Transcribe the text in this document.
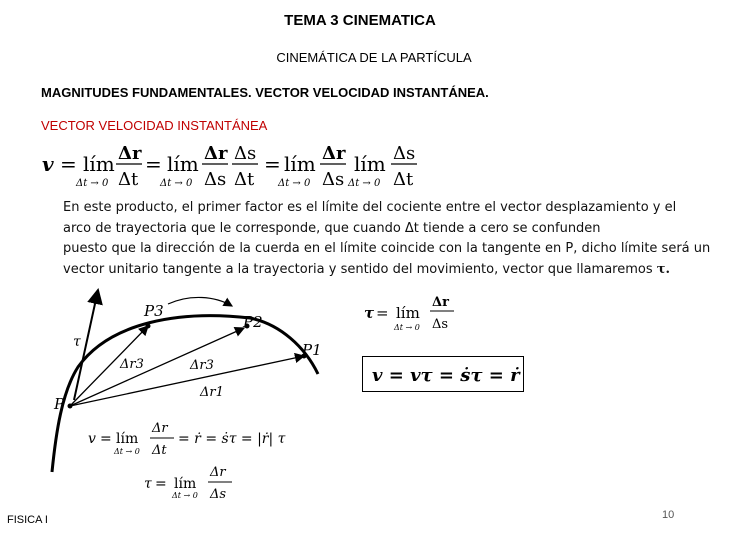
TEMA 3 CINEMATICA
CINEMÁTICA DE LA PARTÍCULA
MAGNITUDES FUNDAMENTALES. VECTOR VELOCIDAD INSTANTÁNEA.
VECTOR VELOCIDAD INSTANTÁNEA
v = lím
Δt → 0
Δr
Δt
= lím
Δt → 0
Δr
Δs
Δs
Δt
= lím
Δt → 0
Δr
Δs
lím
Δt → 0
Δs
Δt
En este producto, el primer factor es el límite del cociente entre el vector desplazamiento y el
arco de trayectoria que le corresponde, que cuando Δt tiende a cero se confunden
puesto que la dirección de la cuerda en el límite coincide con la tangente en P, dicho límite será un
vector unitario tangente a la trayectoria y sentido del movimiento, vector que llamaremos τ.
P
P3
P2
P1
τ
Δr3	Δr3
Δr1
v = lím
Δt → 0
Δr
Δt
= ṙ = ṡτ = |ṙ| τ
τ = lím
Δt → 0
Δr
Δs
τ = lím
Δt → 0
Δr
Δs
v = vτ = ṡτ = ṙ
FISICA I	10
